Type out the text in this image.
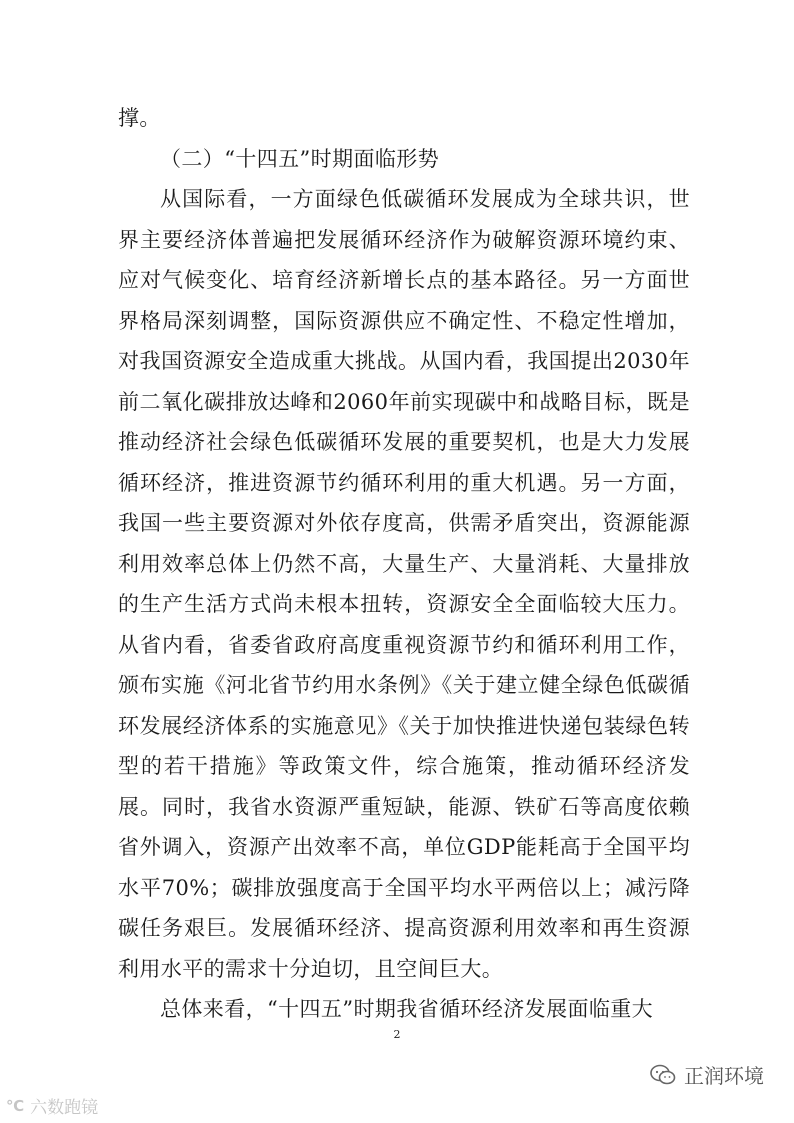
撑。

（二）“十四五”时期面临形势

从国际看，一方面绿色低碳循环发展成为全球共识，世界主要经济体普遍把发展循环经济作为破解资源环境约束、应对气候变化、培育经济新增长点的基本路径。另一方面世界格局深刻调整，国际资源供应不确定性、不稳定性增加，对我国资源安全造成重大挑战。从国内看，我国提出2030年前二氧化碳排放达峰和2060年前实现碳中和战略目标，既是推动经济社会绿色低碳循环发展的重要契机，也是大力发展循环经济，推进资源节约循环利用的重大机遇。另一方面，我国一些主要资源对外依存度高，供需矛盾突出，资源能源利用效率总体上仍然不高，大量生产、大量消耗、大量排放的生产生活方式尚未根本扭转，资源安全全面临较大压力。从省内看，省委省政府高度重视资源节约和循环利用工作，颁布实施《河北省节约用水条例》《关于建立健全绿色低碳循环发展经济体系的实施意见》《关于加快推进快递包装绿色转型的若干措施》等政策文件，综合施策，推动循环经济发展。同时，我省水资源严重短缺，能源、铁矿石等高度依赖省外调入，资源产出效率不高，单位GDP能耗高于全国平均水平70%；碳排放强度高于全国平均水平两倍以上；减污降碳任务艰巨。发展循环经济、提高资源利用效率和再生资源利用水平的需求十分迫切，且空间巨大。

总体来看，“十四五”时期我省循环经济发展面临重大

2
正润环境
℃ 六数跑镜
